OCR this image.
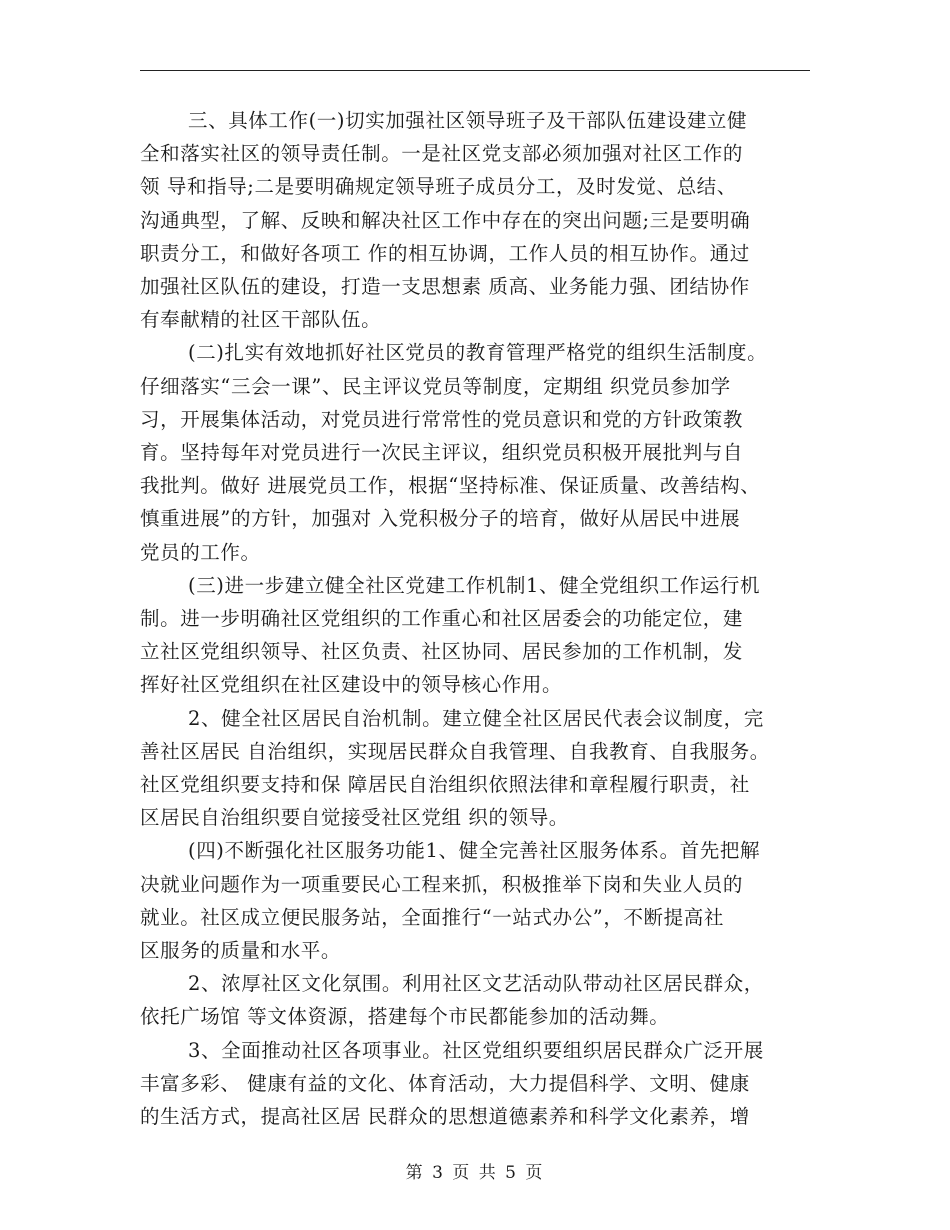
三、具体工作(一)切实加强社区领导班子及干部队伍建设建立健
全和落实社区的领导责任制。一是社区党支部必须加强对社区工作的
领 导和指导;二是要明确规定领导班子成员分工，及时发觉、总结、
沟通典型，了解、反映和解决社区工作中存在的突出问题;三是要明确
职责分工，和做好各项工 作的相互协调，工作人员的相互协作。通过
加强社区队伍的建设，打造一支思想素 质高、业务能力强、团结协作
有奉献精的社区干部队伍。

(二)扎实有效地抓好社区党员的教育管理严格党的组织生活制度。
仔细落实“三会一课”、民主评议党员等制度，定期组 织党员参加学
习，开展集体活动，对党员进行常常性的党员意识和党的方针政策教
育。坚持每年对党员进行一次民主评议，组织党员积极开展批判与自
我批判。做好 进展党员工作，根据“坚持标准、保证质量、改善结构、
慎重进展”的方针，加强对 入党积极分子的培育，做好从居民中进展
党员的工作。

(三)进一步建立健全社区党建工作机制1、健全党组织工作运行机
制。进一步明确社区党组织的工作重心和社区居委会的功能定位，建
立社区党组织领导、社区负责、社区协同、居民参加的工作机制，发
挥好社区党组织在社区建设中的领导核心作用。

2、健全社区居民自治机制。建立健全社区居民代表会议制度，完
善社区居民 自治组织，实现居民群众自我管理、自我教育、自我服务。
社区党组织要支持和保 障居民自治组织依照法律和章程履行职责，社
区居民自治组织要自觉接受社区党组 织的领导。

(四)不断强化社区服务功能1、健全完善社区服务体系。首先把解
决就业问题作为一项重要民心工程来抓，积极推举下岗和失业人员的
就业。社区成立便民服务站，全面推行“一站式办公”，不断提高社
区服务的质量和水平。

2、浓厚社区文化氛围。利用社区文艺活动队带动社区居民群众，
依托广场馆 等文体资源，搭建每个市民都能参加的活动舞。

3、全面推动社区各项事业。社区党组织要组织居民群众广泛开展
丰富多彩、 健康有益的文化、体育活动，大力提倡科学、文明、健康
的生活方式，提高社区居 民群众的思想道德素养和科学文化素养，增

第 3 页 共 5 页
